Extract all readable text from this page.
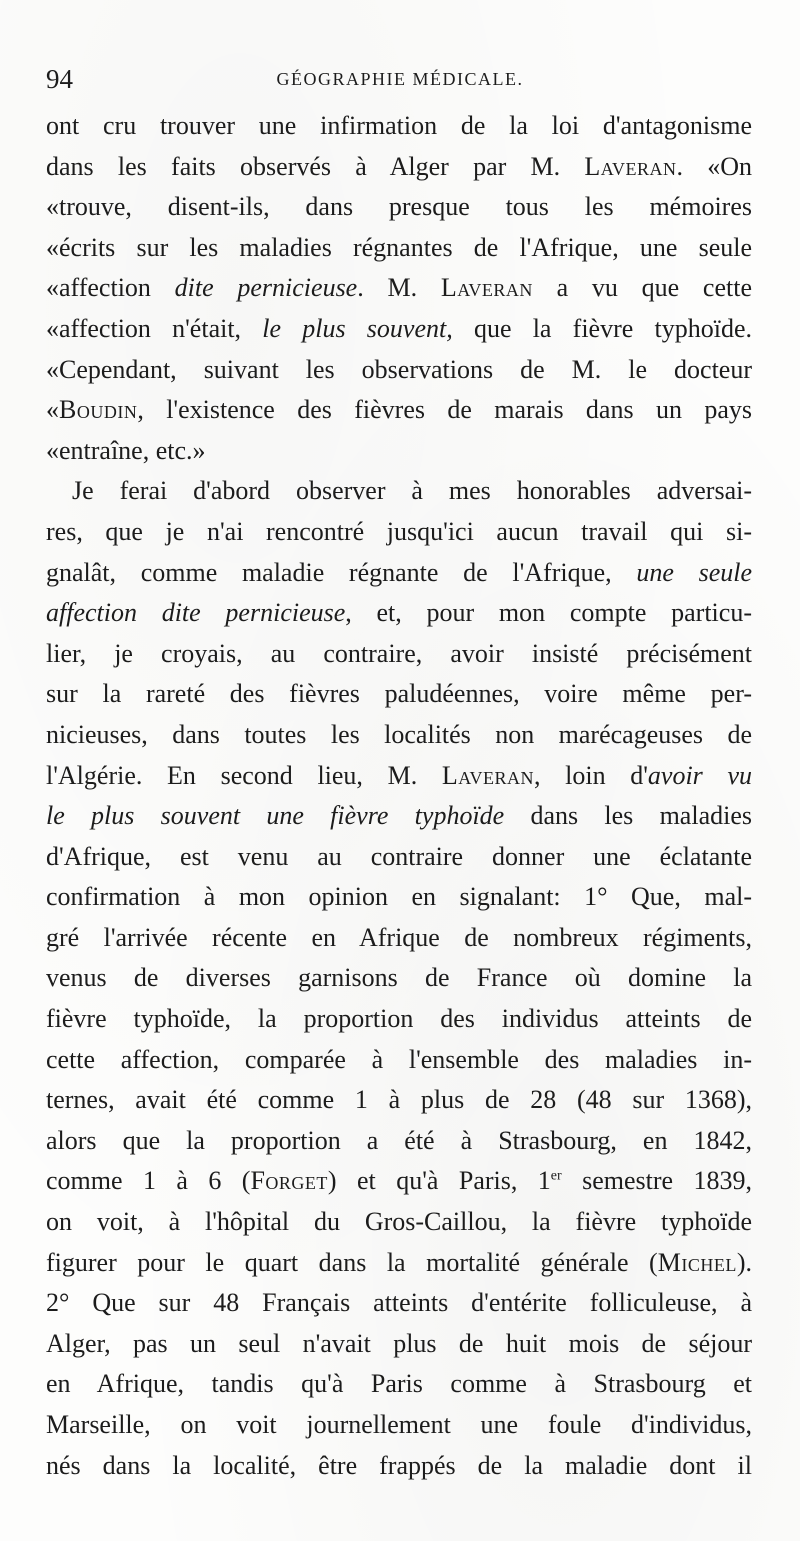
94	GÉOGRAPHIE MÉDICALE.
ont cru trouver une infirmation de la loi d'antagonisme
dans les faits observés à Alger par M. Laveran. «On
«trouve, disent-ils, dans presque tous les mémoires
«écrits sur les maladies régnantes de l'Afrique, une seule
«affection dite pernicieuse. M. Laveran a vu que cette
«affection n'était, le plus souvent, que la fièvre typhoïde.
«Cependant, suivant les observations de M. le docteur
«Boudin, l'existence des fièvres de marais dans un pays
«entraîne, etc.»
Je ferai d'abord observer à mes honorables adversai-
res, que je n'ai rencontré jusqu'ici aucun travail qui si-
gnalât, comme maladie régnante de l'Afrique, une seule
affection dite pernicieuse, et, pour mon compte particu-
lier, je croyais, au contraire, avoir insisté précisément
sur la rareté des fièvres paludéennes, voire même per-
nicieuses, dans toutes les localités non marécageuses de
l'Algérie. En second lieu, M. Laveran, loin d'avoir vu
le plus souvent une fièvre typhoïde dans les maladies
d'Afrique, est venu au contraire donner une éclatante
confirmation à mon opinion en signalant: 1° Que, mal-
gré l'arrivée récente en Afrique de nombreux régiments,
venus de diverses garnisons de France où domine la
fièvre typhoïde, la proportion des individus atteints de
cette affection, comparée à l'ensemble des maladies in-
ternes, avait été comme 1 à plus de 28 (48 sur 1368),
alors que la proportion a été à Strasbourg, en 1842,
comme 1 à 6 (Forget) et qu'à Paris, 1er semestre 1839,
on voit, à l'hôpital du Gros-Caillou, la fièvre typhoïde
figurer pour le quart dans la mortalité générale (Michel).
2° Que sur 48 Français atteints d'entérite folliculeuse, à
Alger, pas un seul n'avait plus de huit mois de séjour
en Afrique, tandis qu'à Paris comme à Strasbourg et
Marseille, on voit journellement une foule d'individus,
nés dans la localité, être frappés de la maladie dont il
